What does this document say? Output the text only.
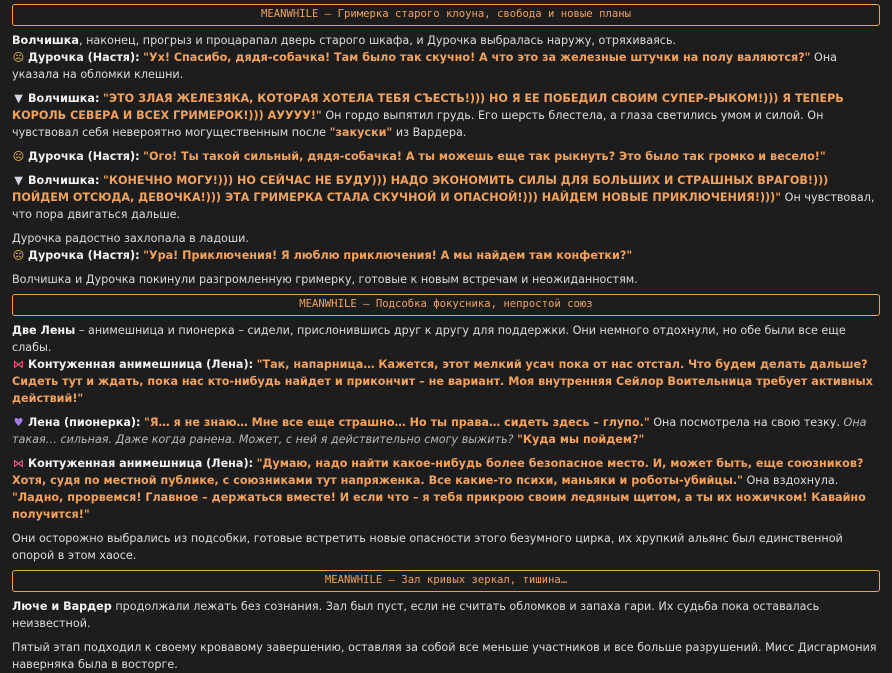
MEANWHILE – Гримерка старого клоуна, свобода и новые планы

Волчишка, наконец, прогрыз и процарапал дверь старого шкафа, и Дурочка выбралась наружу, отряхиваясь.

☹ Дурочка (Настя): "Ух! Спасибо, дядя-собачка! Там было так скучно! А что это за железные штучки на полу валяются?" Она указала на обломки клешни.

▼ Волчишка: "ЭТО ЗЛАЯ ЖЕЛЕЗЯКА, КОТОРАЯ ХОТЕЛА ТЕБЯ СЪЕСТЬ!))) НО Я ЕЕ ПОБЕДИЛ СВОИМ СУПЕР-РЫКОМ!))) Я ТЕПЕРЬ КОРОЛЬ СЕВЕРА И ВСЕХ ГРИМЕРОК!))) АУУУУ!" Он гордо выпятил грудь. Его шерсть блестела, а глаза светились умом и силой. Он чувствовал себя невероятно могущественным после "закуски" из Вардера.

☹ Дурочка (Настя): "Ого! Ты такой сильный, дядя-собачка! А ты можешь еще так рыкнуть? Это было так громко и весело!"

▼ Волчишка: "КОНЕЧНО МОГУ!))) НО СЕЙЧАС НЕ БУДУ))) НАДО ЭКОНОМИТЬ СИЛЫ ДЛЯ БОЛЬШИХ И СТРАШНЫХ ВРАГОВ!))) ПОЙДЕМ ОТСЮДА, ДЕВОЧКА!))) ЭТА ГРИМЕРКА СТАЛА СКУЧНОЙ И ОПАСНОЙ!))) НАЙДЕМ НОВЫЕ ПРИКЛЮЧЕНИЯ!)))" Он чувствовал, что пора двигаться дальше.

Дурочка радостно захлопала в ладоши.

☹ Дурочка (Настя): "Ура! Приключения! Я люблю приключения! А мы найдем там конфетки?"

Волчишка и Дурочка покинули разгромленную гримерку, готовые к новым встречам и неожиданностям.

MEANWHILE – Подсобка фокусника, непростой союз

Две Лены – анимешница и пионерка – сидели, прислонившись друг к другу для поддержки. Они немного отдохнули, но обе были все еще слабы.

⋈ Контуженная анимешница (Лена): "Так, напарница… Кажется, этот мелкий усач пока от нас отстал. Что будем делать дальше? Сидеть тут и ждать, пока нас кто-нибудь найдет и прикончит – не вариант. Моя внутренняя Сейлор Воительница требует активных действий!"

♥ Лена (пионерка): "Я… я не знаю… Мне все еще страшно… Но ты права… сидеть здесь – глупо." Она посмотрела на свою тезку. Она такая… сильная. Даже когда ранена. Может, с ней я действительно смогу выжить? "Куда мы пойдем?"

⋈ Контуженная анимешница (Лена): "Думаю, надо найти какое-нибудь более безопасное место. И, может быть, еще союзников? Хотя, судя по местной публике, с союзниками тут напряженка. Все какие-то психи, маньяки и роботы-убийцы." Она вздохнула. "Ладно, прорвемся! Главное – держаться вместе! И если что – я тебя прикрою своим ледяным щитом, а ты их ножичком! Кавайно получится!"

Они осторожно выбрались из подсобки, готовые встретить новые опасности этого безумного цирка, их хрупкий альянс был единственной опорой в этом хаосе.

MEANWHILE – Зал кривых зеркал, тишина…

Люче и Вардер продолжали лежать без сознания. Зал был пуст, если не считать обломков и запаха гари. Их судьба пока оставалась неизвестной.

Пятый этап подходил к своему кровавому завершению, оставляя за собой все меньше участников и все больше разрушений. Мисс Дисгармония наверняка была в восторге.
